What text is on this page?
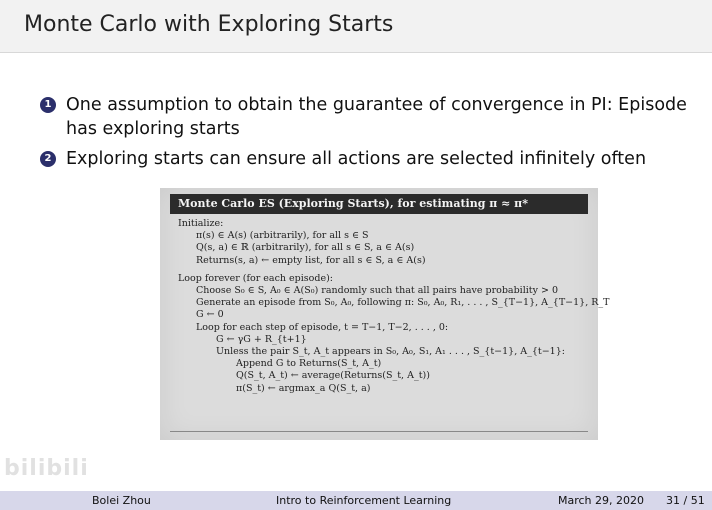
Monte Carlo with Exploring Starts
1 One assumption to obtain the guarantee of convergence in PI: Episode has exploring starts
2 Exploring starts can ensure all actions are selected infinitely often
Monte Carlo ES (Exploring Starts), for estimating π ≈ π*
Initialize:
π(s) ∈ A(s) (arbitrarily), for all s ∈ S
Q(s, a) ∈ ℝ (arbitrarily), for all s ∈ S, a ∈ A(s)
Returns(s, a) ← empty list, for all s ∈ S, a ∈ A(s)
Loop forever (for each episode):
Choose S₀ ∈ S, A₀ ∈ A(S₀) randomly such that all pairs have probability > 0
Generate an episode from S₀, A₀, following π: S₀, A₀, R₁, . . . , S_{T−1}, A_{T−1}, R_T
G ← 0
Loop for each step of episode, t = T−1, T−2, . . . , 0:
G ← γG + R_{t+1}
Unless the pair S_t, A_t appears in S₀, A₀, S₁, A₁ . . . , S_{t−1}, A_{t−1}:
Append G to Returns(S_t, A_t)
Q(S_t, A_t) ← average(Returns(S_t, A_t))
π(S_t) ← argmax_a Q(S_t, a)
bilibili
Bolei Zhou	Intro to Reinforcement Learning	March 29, 2020 31 / 51
